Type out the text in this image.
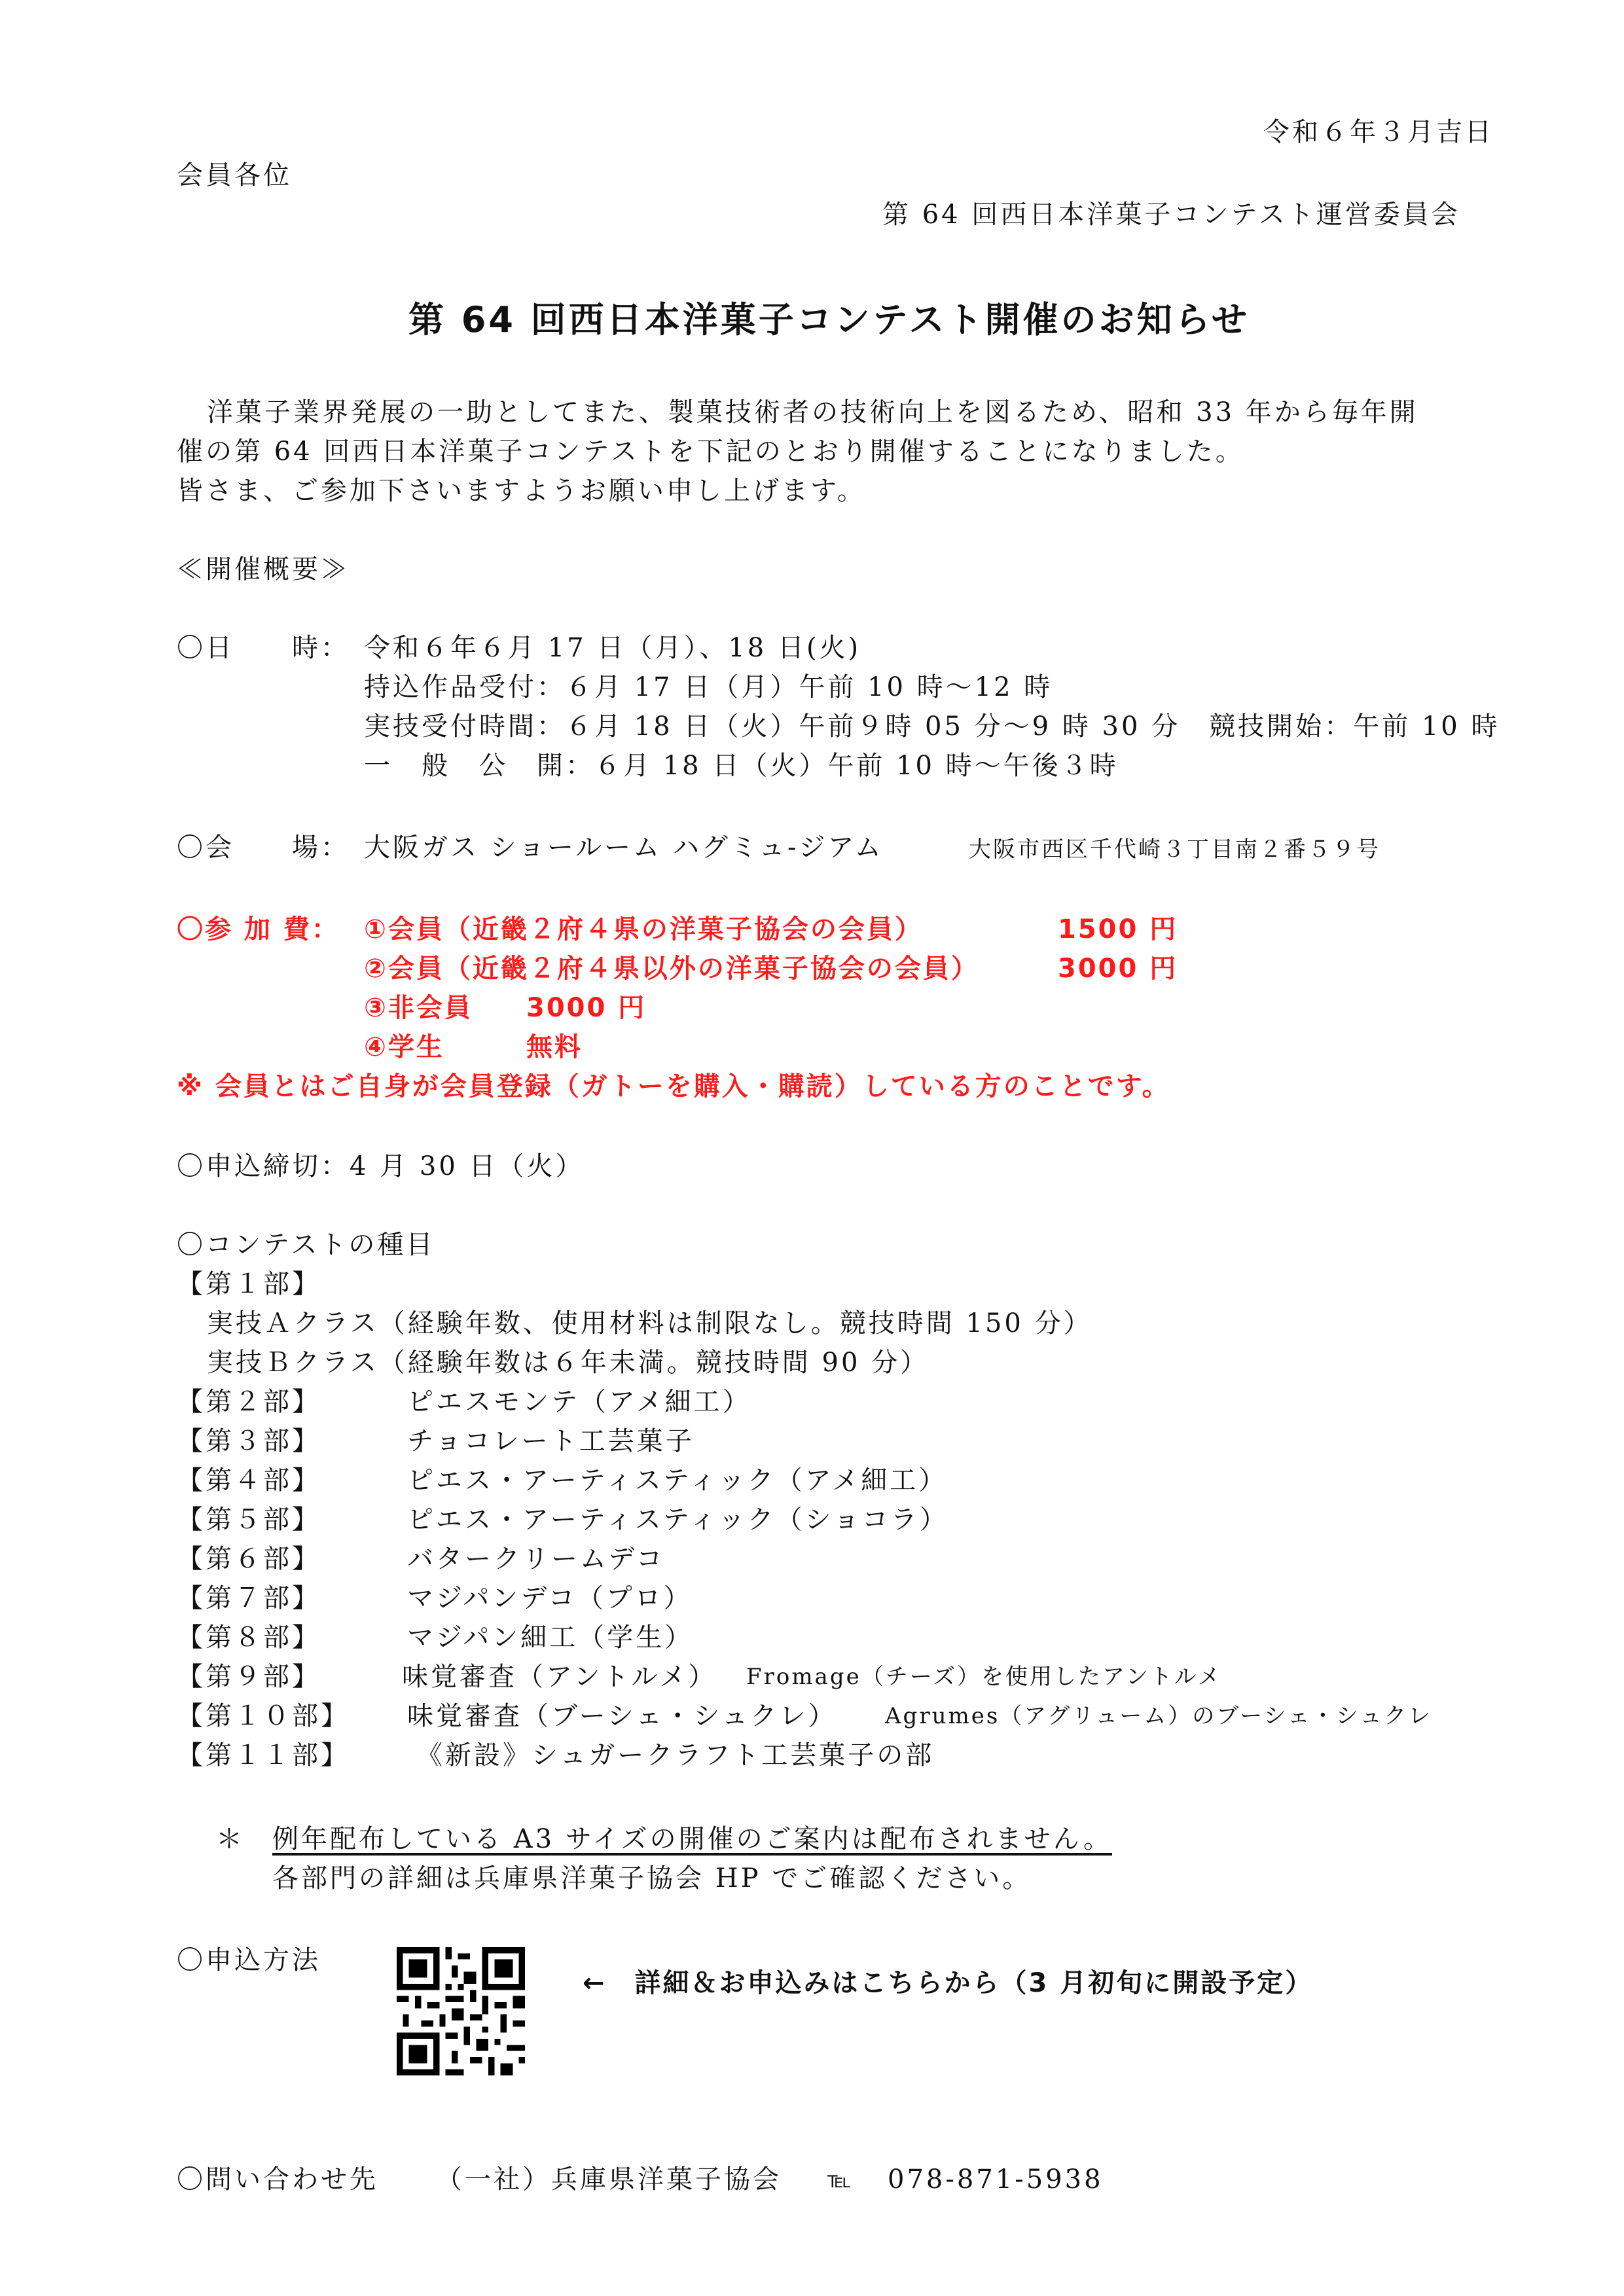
令和６年３月吉日
会員各位
第 64 回西日本洋菓子コンテスト運営委員会
第 64 回西日本洋菓子コンテスト開催のお知らせ
洋菓子業界発展の一助としてまた、製菓技術者の技術向上を図るため、昭和 33 年から毎年開
催の第 64 回西日本洋菓子コンテストを下記のとおり開催することになりました。
皆さま、ご参加下さいますようお願い申し上げます。
≪開催概要≫
〇日　　時： 令和６年６月 17 日（月）、18 日(火)
持込作品受付：６月 17 日（月）午前 10 時～12 時
実技受付時間：６月 18 日（火）午前９時 05 分～9 時 30 分　競技開始：午前 10 時
一　般　公　開：６月 18 日（火）午前 10 時～午後３時
〇会　　場： 大阪ガス ショールーム ハグミュ-ジアム	大阪市西区千代崎３丁目南２番５９号
〇参 加 費： ①会員（近畿２府４県の洋菓子協会の会員）	1500 円
②会員（近畿２府４県以外の洋菓子協会の会員）	3000 円
③非会員 3000 円
④学生	無料
※ 会員とはご自身が会員登録（ガトーを購入・購読）している方のことです。
〇申込締切：4 月 30 日（火）
〇コンテストの種目
【第１部】
実技Ａクラス（経験年数、使用材料は制限なし。競技時間 150 分）
実技Ｂクラス（経験年数は６年未満。競技時間 90 分）
【第２部】	ピエスモンテ（アメ細工）
【第３部】	チョコレート工芸菓子
【第４部】	ピエス・アーティスティック（アメ細工）
【第５部】	ピエス・アーティスティック（ショコラ）
【第６部】	バタークリームデコ
【第７部】	マジパンデコ（プロ）
【第８部】	マジパン細工（学生）
【第９部】	味覚審査（アントルメ） Fromage（チーズ）を使用したアントルメ
【第１０部】 味覚審査（ブーシェ・シュクレ） Agrumes（アグリューム）のブーシェ・シュクレ
【第１１部】	《新設》シュガークラフト工芸菓子の部
＊ 例年配布している A3 サイズの開催のご案内は配布されません。
各部門の詳細は兵庫県洋菓子協会 HP でご確認ください。
〇申込方法
←　詳細＆お申込みはこちらから（3 月初旬に開設予定）
〇問い合わせ先 （一社）兵庫県洋菓子協会 ℡ 078-871-5938
